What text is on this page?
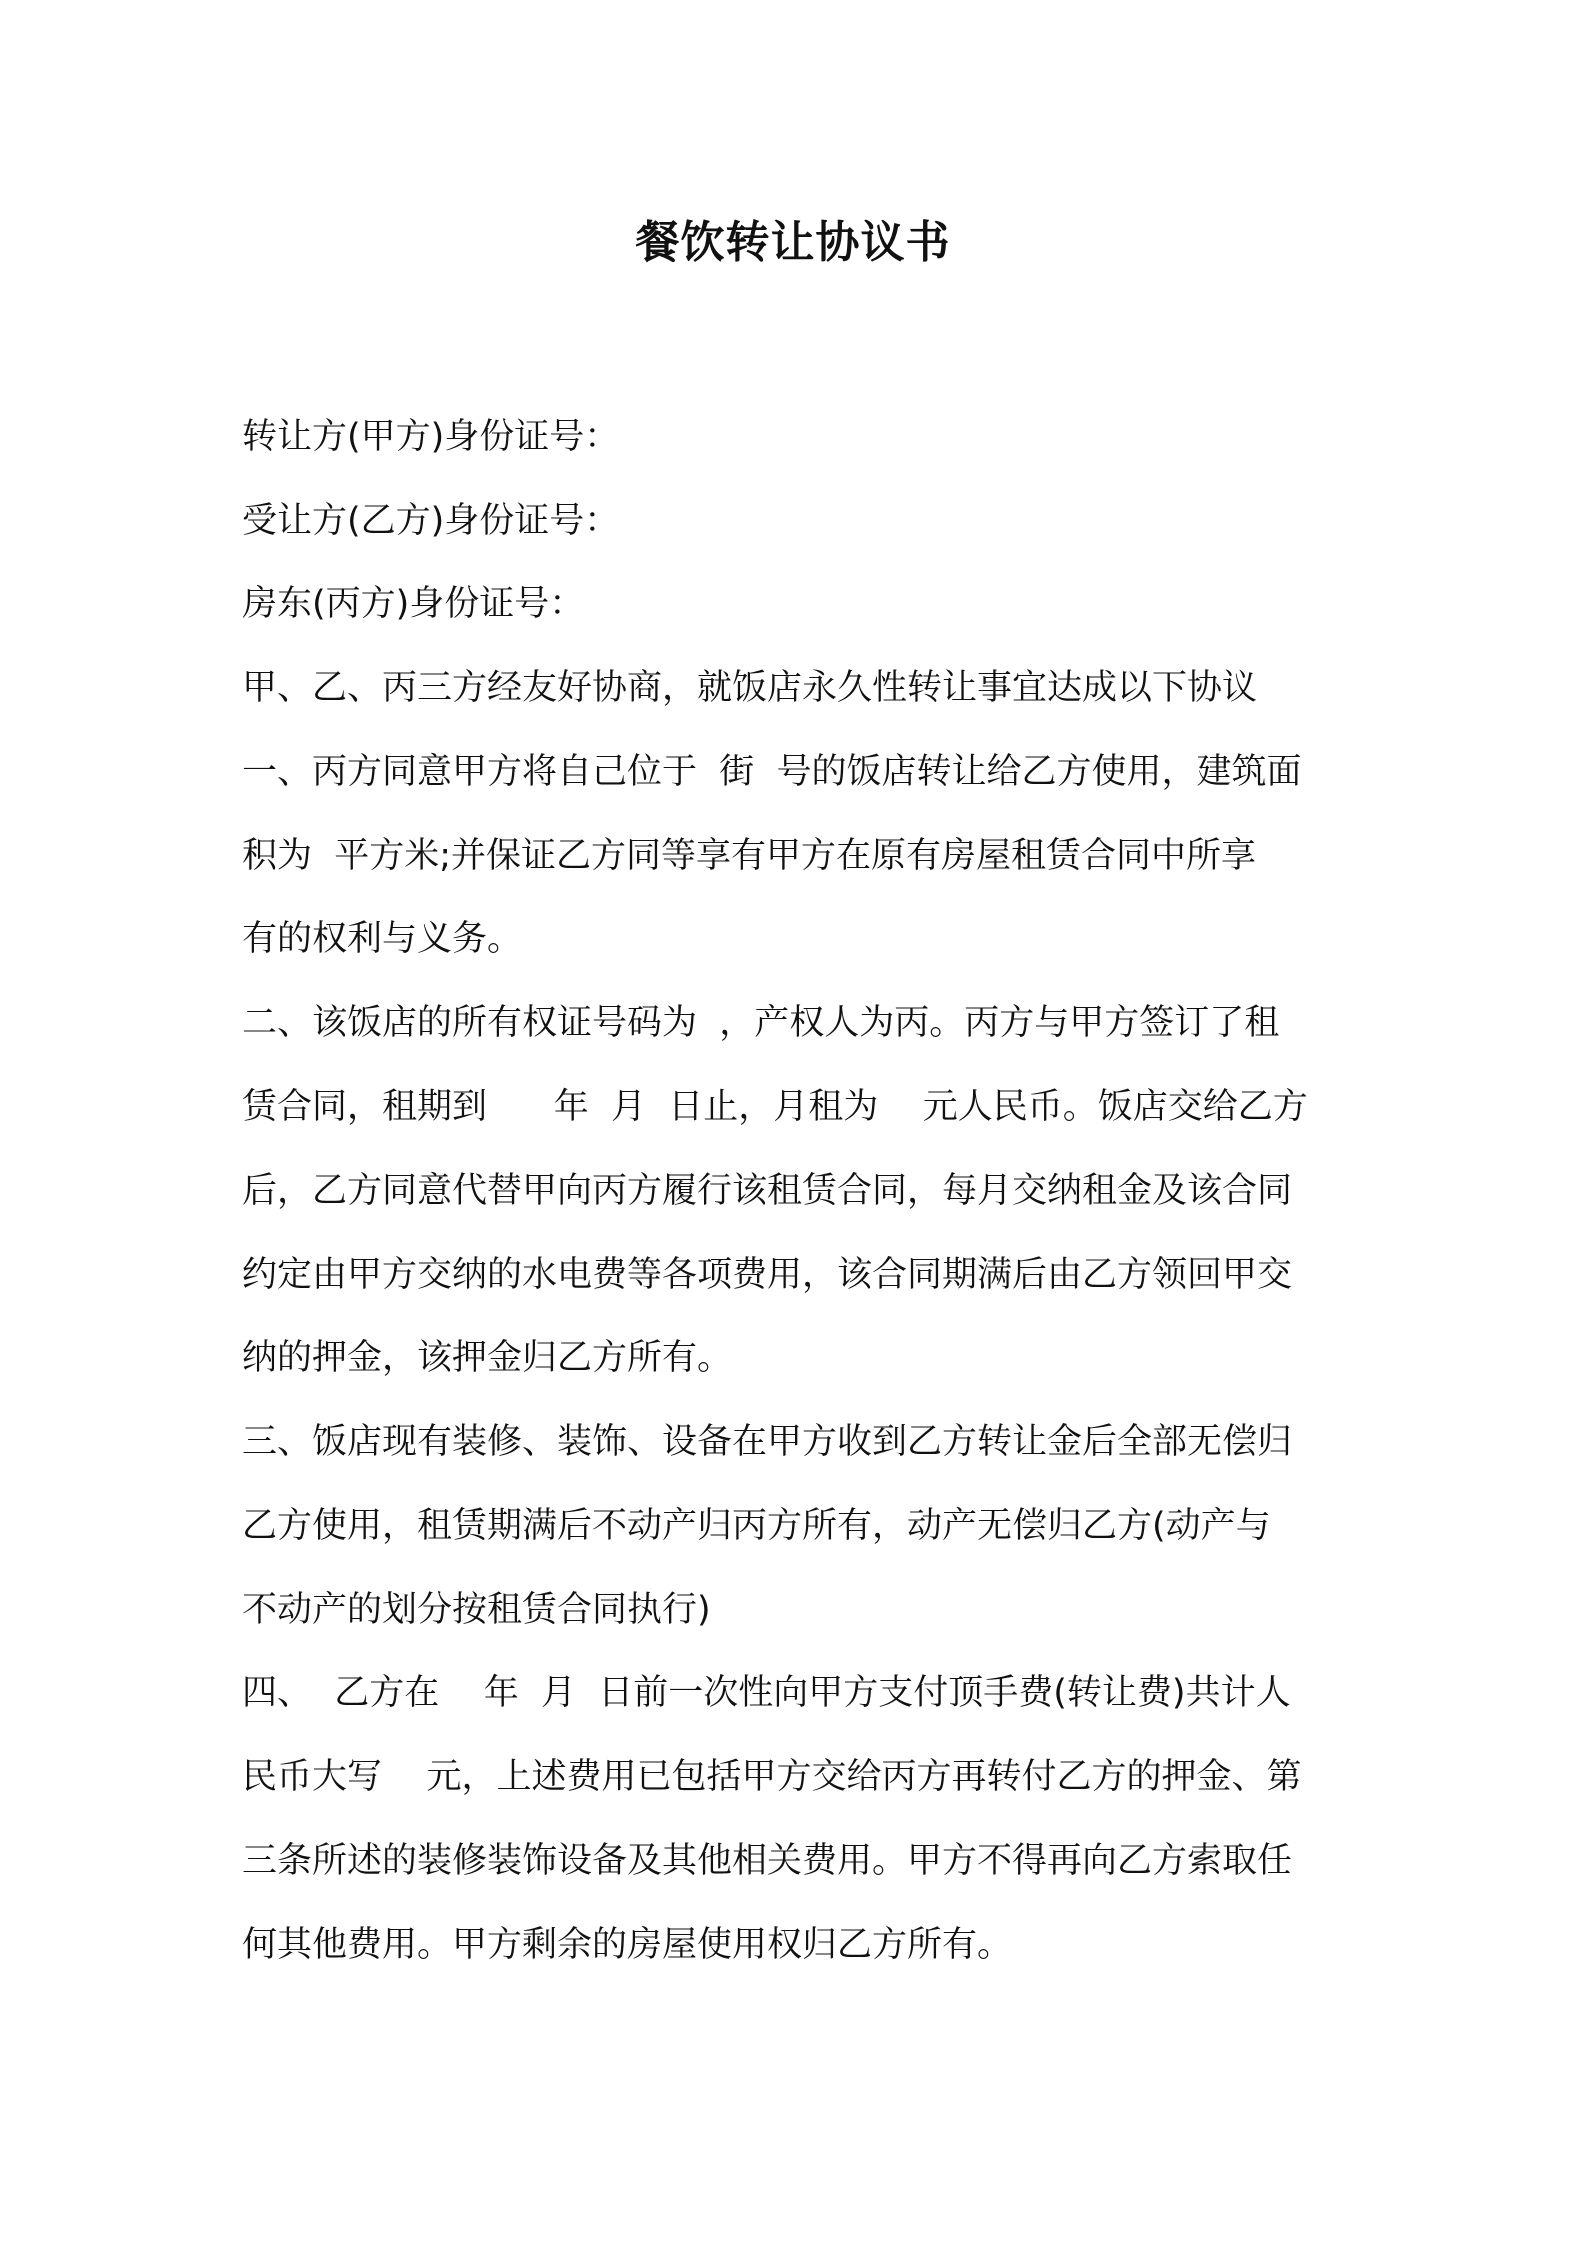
餐饮转让协议书

转让方(甲方)身份证号：

受让方(乙方)身份证号：

房东(丙方)身份证号：

甲、乙、丙三方经友好协商，就饭店永久性转让事宜达成以下协议

一、丙方同意甲方将自己位于  街  号的饭店转让给乙方使用，建筑面

积为  平方米;并保证乙方同等享有甲方在原有房屋租赁合同中所享

有的权利与义务。

二、该饭店的所有权证号码为  ，产权人为丙。丙方与甲方签订了租

赁合同，租期到      年  月  日止，月租为    元人民币。饭店交给乙方

后，乙方同意代替甲向丙方履行该租赁合同，每月交纳租金及该合同

约定由甲方交纳的水电费等各项费用，该合同期满后由乙方领回甲交

纳的押金，该押金归乙方所有。

三、饭店现有装修、装饰、设备在甲方收到乙方转让金后全部无偿归

乙方使用，租赁期满后不动产归丙方所有，动产无偿归乙方(动产与

不动产的划分按租赁合同执行)

四、  乙方在    年  月  日前一次性向甲方支付顶手费(转让费)共计人

民币大写    元，上述费用已包括甲方交给丙方再转付乙方的押金、第

三条所述的装修装饰设备及其他相关费用。甲方不得再向乙方索取任

何其他费用。甲方剩余的房屋使用权归乙方所有。
